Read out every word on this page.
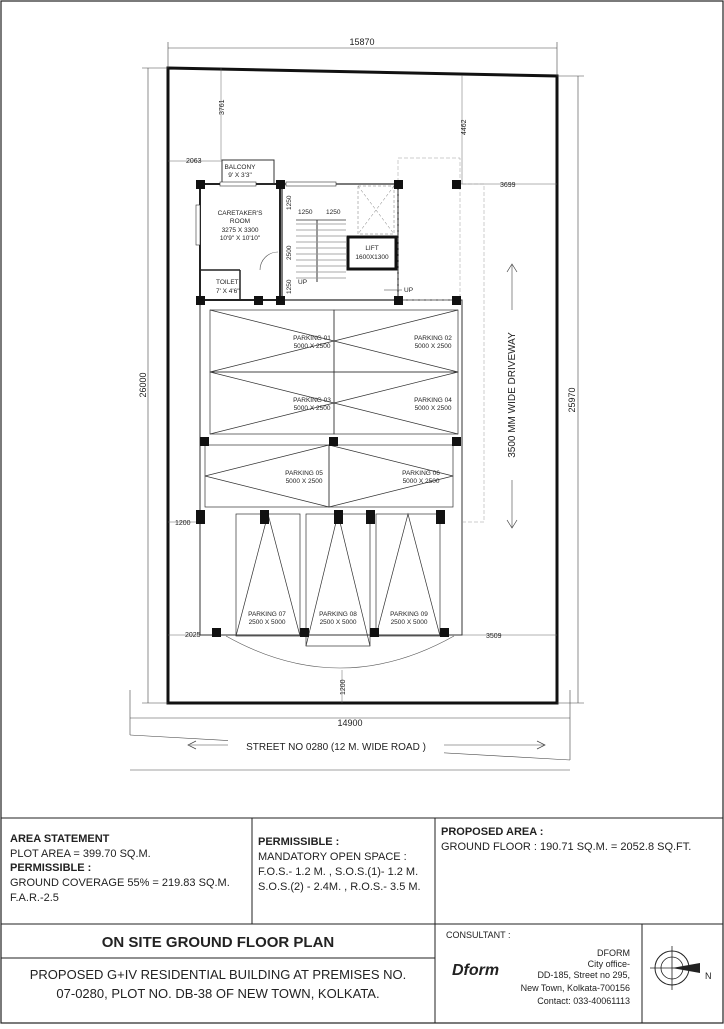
15870
26000
25970
14900
3761
4462
2063
3699
1200
2025	3509
1200
BALCONY
9' X 3'3"
CARETAKER'S
ROOM
3275 X 3300
10'9" X 10'10"
TOILET
7' X 4'6"
1250 1250
1250
2500
1250 UP
UP
LIFT
1600X1300
PARKING 01
5000 X 2500
PARKING 02
5000 X 2500
PARKING 03
5000 X 2500
PARKING 04
5000 X 2500
PARKING 05
5000 X 2500
PARKING 06
5000 X 2500
PARKING 07
2500 X 5000
PARKING 08
2500 X 5000
PARKING 09
2500 X 5000
3500 MM WIDE DRIVEWAY
STREET NO 0280 (12 M. WIDE ROAD )
AREA STATEMENT
PLOT AREA = 399.70 SQ.M.
PERMISSIBLE :
GROUND COVERAGE 55% = 219.83 SQ.M.
F.A.R.-2.5
PERMISSIBLE :
MANDATORY OPEN SPACE :
F.O.S.- 1.2 M. , S.O.S.(1)- 1.2 M.
S.O.S.(2) - 2.4M. , R.O.S.- 3.5 M.
PROPOSED AREA :
GROUND FLOOR : 190.71 SQ.M. = 2052.8 SQ.FT.
ON SITE GROUND FLOOR PLAN
PROPOSED G+IV RESIDENTIAL BUILDING AT PREMISES NO.
07-0280, PLOT NO. DB-38 OF NEW TOWN, KOLKATA.
CONSULTANT :
Dform
DFORM
City office-
DD-185, Street no 295,
New Town, Kolkata-700156
Contact: 033-40061113
N
